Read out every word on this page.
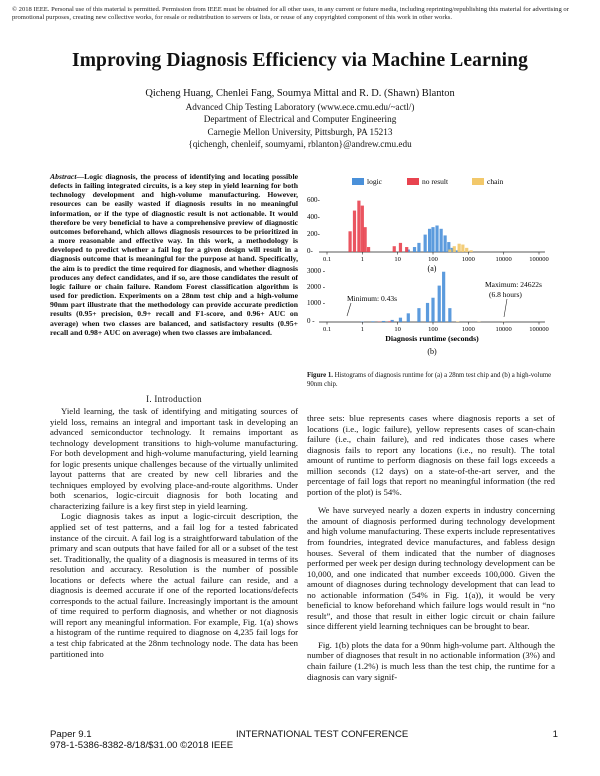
© 2018 IEEE. Personal use of this material is permitted. Permission from IEEE must be obtained for all other uses, in any current or future media, including reprinting/republishing this material for advertising or promotional purposes, creating new collective works, for resale or redistribution to servers or lists, or reuse of any copyrighted component of this work in other works.
Improving Diagnosis Efficiency via Machine Learning
Qicheng Huang, Chenlei Fang, Soumya Mittal and R. D. (Shawn) Blanton
Advanced Chip Testing Laboratory (www.ece.cmu.edu/~actl/)
Department of Electrical and Computer Engineering
Carnegie Mellon University, Pittsburgh, PA 15213
{qichengh, chenleif, soumyami, rblanton}@andrew.cmu.edu
Abstract—Logic diagnosis, the process of identifying and locating possible defects in failing integrated circuits, is a key step in yield learning for both technology development and high-volume manufacturing. However, resources can be easily wasted if diagnosis results in no meaningful information, or if the type of diagnostic result is not actionable. It would therefore be very beneficial to have a comprehensive preview of diagnostic outcomes beforehand, which allows diagnosis resources to be prioritized in a more reasonable and effective way. In this work, a methodology is developed to predict whether a fail log for a given design will result in a diagnosis outcome that is meaningful for the purpose at hand. Specifically, the aim is to predict the time required for diagnosis, and whether diagnosis produces any defect candidates, and if so, are those candidates the result of logic failure or chain failure. Random Forest classification algorithm is used for prediction. Experiments on a 28nm test chip and a high-volume 90nm part illustrate that the methodology can provide accurate prediction results (0.95+ precision, 0.9+ recall and F1-score, and 0.96+ AUC on average) when two classes are balanced, and satisfactory results (0.95+ recall and 0.98+ AUC on average) when two classes are imbalanced.
I. Introduction

Yield learning, the task of identifying and mitigating sources of yield loss, remains an integral and important task in developing an advanced semiconductor technology. It remains important as technology development transitions to high-volume manufacturing. For both development and high-volume manufacturing, yield learning for logic presents unique challenges because of the virtually unlimited layout patterns that are created by new cell libraries and the techniques employed by evolving place-and-route algorithms. Under both scenarios, logic-circuit diagnosis for both locating and characterizing failure is a key first step in yield learning.

Logic diagnosis takes as input a logic-circuit description, the applied set of test patterns, and a fail log for a tested fabricated instance of the circuit. A fail log is a straightforward tabulation of the primary and scan outputs that have failed for all or a subset of the test set. Traditionally, the quality of a diagnosis is measured in terms of its resolution and accuracy. Resolution is the number of possible locations or defects where the actual failure can reside, and a diagnosis is deemed accurate if one of the reported locations/defects corresponds to the actual failure. Increasingly important is the amount of time required to perform diagnosis, and whether or not diagnosis will report any meaningful information. For example, Fig. 1(a) shows a histogram of the runtime required to diagnose on 4,235 fail logs for a test chip fabricated at the 28nm technology node. The data has been partitioned into

logic	no result	chain
600-
400-
200-
0-
0.1	1	10	100	1000	10000	100000
(a)
3000 -
2000 -
1000 -
0 -
0.1	1	10	100	1000	10000	100000
Minimum: 0.43s
Maximum: 24622s
(6.8 hours)
Diagnosis runtime (seconds)
(b)
Figure 1. Histograms of diagnosis runtime for (a) a 28nm test chip and (b) a high-volume 90nm chip.

three sets: blue represents cases where diagnosis reports a set of locations (i.e., logic failure), yellow represents cases of scan-chain failure (i.e., chain failure), and red indicates those cases where diagnosis fails to report any locations (i.e., no result). The total amount of runtime to perform diagnosis on these fail logs exceeds a million seconds (12 days) on a state-of-the-art server, and the percentage of fail logs that report no meaningful information (the red portion of the plot) is 54%.

We have surveyed nearly a dozen experts in industry concerning the amount of diagnosis performed during technology development and high volume manufacturing. These experts include representatives from foundries, integrated device manufactures, and fabless design houses. Several of them indicated that the number of diagnoses performed per week per design during technology development can be 10,000, and one indicated that number exceeds 100,000. Given the amount of diagnoses during technology development that can lead to no actionable information (54% in Fig. 1(a)), it would be very beneficial to know beforehand which failure logs would result in “no result”, and those that result in either logic circuit or chain failure since different yield learning techniques can be brought to bear.

Fig. 1(b) plots the data for a 90nm high-volume part. Although the number of diagnoses that result in no actionable information (3%) and chain failure (1.2%) is much less than the test chip, the runtime for a diagnosis can vary signif-

Paper 9.1	INTERNATIONAL TEST CONFERENCE	1
978-1-5386-8382-8/18/$31.00 ©2018 IEEE
